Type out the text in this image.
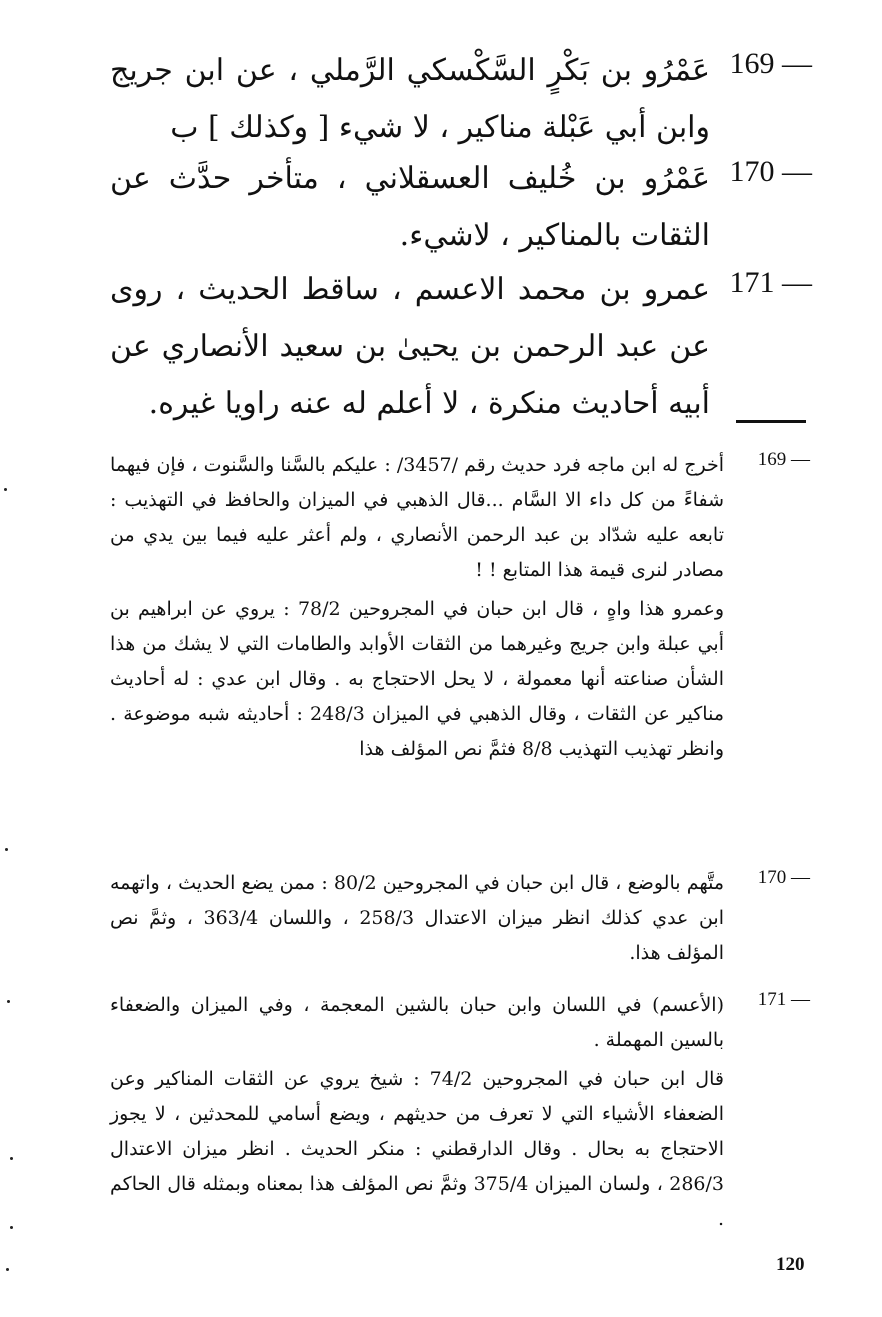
169 —
عَمْرُو بن بَكْرٍ السَّكْسكي الرَّملي ، عن ابن جريج وابن أبي عَبْلة مناكير ، لا شيء [ وكذلك ] ب
170 —
عَمْرُو بن خُليف العسقلاني ، متأخر حدَّث عن الثقات بالمناكير ، لاشيء.
171 —
عمرو بن محمد الاعسم ، ساقط الحديث ، روى عن عبد الرحمن بن يحيىٰ بن سعيد الأنصاري عن أبيه أحاديث منكرة ، لا أعلم له عنه راويا غيره.
169 —

أخرج له ابن ماجه فرد حديث رقم /3457/ : عليكم بالسَّنا والسَّنوت ، فإن فيهما شفاءً من كل داء الا السَّام ...قال الذهبي في الميزان والحافظ في التهذيب : تابعه عليه شدّاد بن عبد الرحمن الأنصاري ، ولم أعثر عليه فيما بين يدي من مصادر لنرى قيمة هذا المتابع ! !

وعمرو هذا واهٍ ، قال ابن حبان في المجروحين 78/2 : يروي عن ابراهيم بن أبي عبلة وابن جريج وغيرهما من الثقات الأوابد والطامات التي لا يشك من هذا الشأن صناعته أنها معمولة ، لا يحل الاحتجاج به . وقال ابن عدي : له أحاديث مناكير عن الثقات ، وقال الذهبي في الميزان 248/3 : أحاديثه شبه موضوعة . وانظر تهذيب التهذيب 8/8 فثمَّ نص المؤلف هذا

170 —

متَّهم بالوضع ، قال ابن حبان في المجروحين 80/2 : ممن يضع الحديث ، واتهمه ابن عدي كذلك انظر ميزان الاعتدال 258/3 ، واللسان 363/4 ، وثمَّ نص المؤلف هذا.

171 —

(الأعسم) في اللسان وابن حبان بالشين المعجمة ، وفي الميزان والضعفاء بالسين المهملة .

قال ابن حبان في المجروحين 74/2 : شيخ يروي عن الثقات المناكير وعن الضعفاء الأشياء التي لا تعرف من حديثهم ، ويضع أسامي للمحدثين ، لا يجوز الاحتجاج به بحال . وقال الدارقطني : منكر الحديث . انظر ميزان الاعتدال 286/3 ، ولسان الميزان 375/4 وثمَّ نص المؤلف هذا بمعناه وبمثله قال الحاكم .

120
